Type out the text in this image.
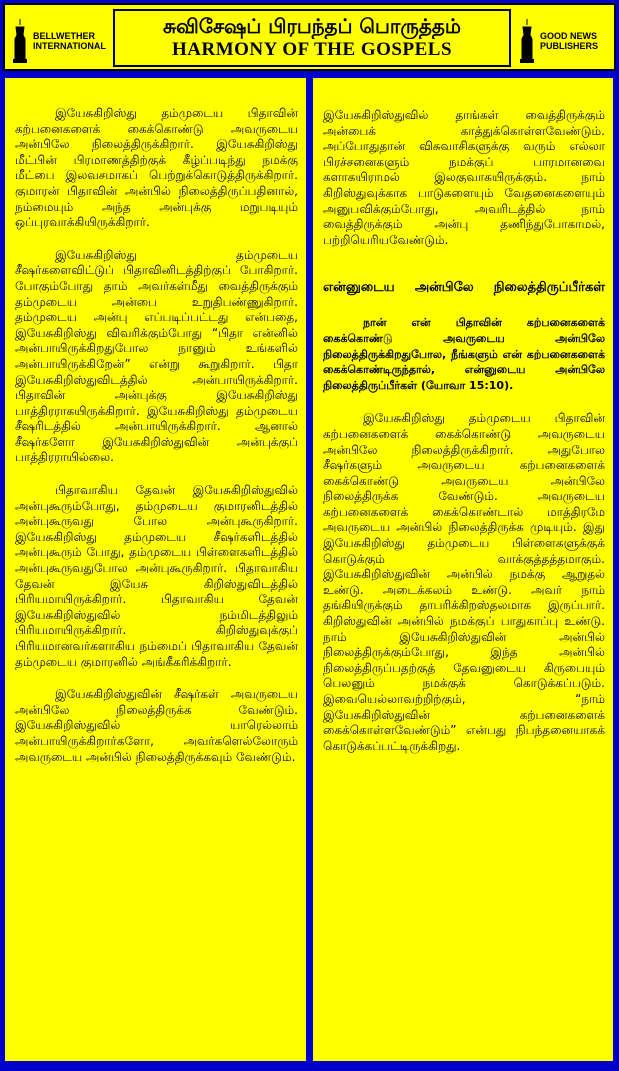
BELLWETHER INTERNATIONAL
சுவிசேஷப் பிரபந்தப் பொருத்தம்
HARMONY OF THE GOSPELS
GOOD NEWS PUBLISHERS

இயேசுகிறிஸ்து தம்முடைய பிதாவின் கற்பனைகளைக் கைக்கொண்டு அவருடைய அன்பிலே நிலைத்திருக்கிறார். இயேசுகிறிஸ்து மீட்பின் பிரமாணத்திற்குக் கீழ்ப்படிந்து நமக்கு மீட்பை இலவசமாகப் பெற்றுக்கொடுத்திருக்கிறார். குமாரன் பிதாவின் அன்பில் நிலைத்திருப்பதினால், நம்மையும் அந்த அன்புக்கு மறுபடியும் ஒப்புரவாக்கியிருக்கிறார்.

இயேசுகிறிஸ்து தம்முடைய சீஷர்களைவிட்டுப் பிதாவினிடத்திற்குப் போகிறார். போகும்போது தாம் அவர்கள்மீது வைத்திருக்கும் தம்முடைய அன்பை உறுதிபண்ணுகிறார். தம்முடைய அன்பு எப்படிப்பட்டது என்பதை, இயேசுகிறிஸ்து விவரிக்கும்போது “பிதா என்னில் அன்பாயிருக்கிறதுபோல நானும் உங்களில் அன்பாயிருக்கிறேன்” என்று கூறுகிறார். பிதா இயேசுகிறிஸ்துவிடத்தில் அன்பாயிருக்கிறார். பிதாவின் அன்புக்கு இயேசுகிறிஸ்து பாத்திரராகயிருக்கிறார். இயேசுகிறிஸ்து தம்முடைய சீஷரிடத்தில் அன்பாயிருக்கிறார். ஆனால் சீஷர்களோ இயேசுகிறிஸ்துவின் அன்புக்குப் பாத்திரராயில்லை.

பிதாவாகிய தேவன் இயேசுகிறிஸ்துவில் அன்புகூரும்போது, தம்முடைய குமாரனிடத்தில் அன்புகூருவது போல அன்புகூருகிறார். இயேசுகிறிஸ்து தம்முடைய சீஷர்களிடத்தில் அன்புகூரும் போது, தம்முடைய பிள்ளைகளிடத்தில் அன்புகூருவதுபோல அன்புகூருகிறார். பிதாவாகிய தேவன் இயேசு கிறிஸ்துவிடத்தில் பிரியமாயிருக்கிறார். பிதாவாகிய தேவன் இயேசுகிறிஸ்துவில் நம்மிடத்திலும் பிரியமாயிருக்கிறார். கிறிஸ்துவுக்குப் பிரியமானவர்களாகிய நம்மைப் பிதாவாகிய தேவன் தம்முடைய குமாரனில் அங்கீகரிக்கிறார்.

இயேசுகிறிஸ்துவின் சீஷர்கள் அவருடைய அன்பிலே நிலைத்திருக்க வேண்டும். இயேசுகிறிஸ்துவில் யாரெல்லாம் அன்பாயிருக்கிறார்களோ, அவர்களெல்லோரும் அவருடைய அன்பில் நிலைத்திருக்கவும் வேண்டும்.

இயேசுகிறிஸ்துவில் தாங்கள் வைத்திருக்கும் அன்பைக் காத்துக்கொள்ளவேண்டும். அப்போதுதான் விசுவாசிகளுக்கு வரும் எல்லா பிரச்சனைகளும் நமக்குப் பாரமானவை களாகயிராமல் இலகுவாகயிருக்கும். நாம் கிறிஸ்துவுக்காக பாடுகளையும் வேதனைகளையும் அனுபவிக்கும்போது, அவரிடத்தில் நாம் வைத்திருக்கும் அன்பு தணிந்துபோகாமல், பற்றியெரியவேண்டும்.

என்னுடைய அன்பிலே நிலைத்திருப்பீர்கள்
நான் என் பிதாவின் கற்பனைகளைக் கைக்கொண்டு அவருடைய அன்பிலே நிலைத்திருக்கிறதுபோல, நீங்களும் என் கற்பனைகளைக் கைக்கொண்டிருந்தால், என்னுடைய அன்பிலே நிலைத்திருப்பீர்கள் (யோவா 15:10).

இயேசுகிறிஸ்து தம்முடைய பிதாவின் கற்பனைகளைக் கைக்கொண்டு அவருடைய அன்பிலே நிலைத்திருக்கிறார். அதுபோல சீஷர்களும் அவருடைய கற்பனைகளைக் கைக்கொண்டு அவருடைய அன்பிலே நிலைத்திருக்க வேண்டும். அவருடைய கற்பனைகளைக் கைக்கொண்டால் மாத்திரமே அவருடைய அன்பில் நிலைத்திருக்க முடியும். இது இயேசுகிறிஸ்து தம்முடைய பிள்ளைகளுக்குக் கொடுக்கும் வாக்குத்தத்தமாகும். இயேசுகிறிஸ்துவின் அன்பில் நமக்கு ஆறுதல் உண்டு. அடைக்கலம் உண்டு. அவர் நாம் தங்கியிருக்கும் தாபரிக்கிறஸ்தலமாக இருப்பார். கிறிஸ்துவின் அன்பில் நமக்குப் பாதுகாப்பு உண்டு. நாம் இயேசுகிறிஸ்துவின் அன்பில் நிலைத்திருக்கும்போது, இந்த அன்பில் நிலைத்திருப்பதற்குத் தேவனுடைய கிருபையும் பெலனும் நமக்குக் கொடுக்கப்படும். இவையெல்லாவற்றிற்கும், “நாம் இயேசுகிறிஸ்துவின் கற்பனைகளைக் கைக்கொள்ளவேண்டும்” என்பது நிபந்தனையாகக் கொடுக்கப்பட்டிருக்கிறது.
